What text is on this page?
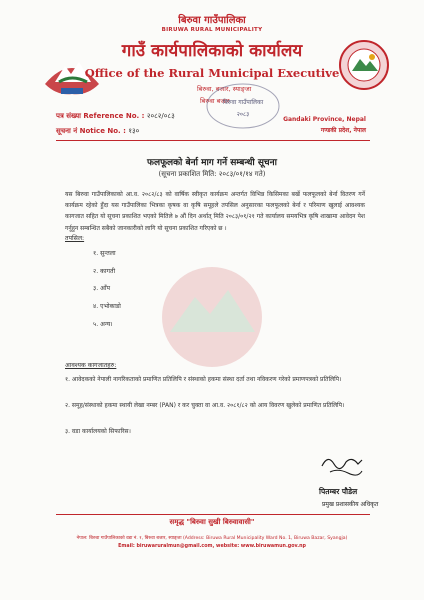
बिरुवा गाउँपालिका
BIRUWA RURAL MUNICIPALITY
गाउँ कार्यपालिकाको कार्यालय
Office of the Rural Municipal Executive
बिरुवा, बजार, स्याङ्जा
बिरुवा बजार
बिरुवा गाउँपालिका
२०८३
पत्र संख्या Reference No. : २०८२/०८३
सूचना नं Notice No. : १३०
Gandaki Province, Nepal
गण्डकी प्रदेश, नेपाल
फलफूलको बेर्ना माग गर्ने सम्बन्धी सूचना
(सूचना प्रकाशित मिति: २०८३/०१/१४ गते)
यस बिरुवा गाउँपालिकाको आ.व. २०८२/८३ को वार्षिक स्वीकृत कार्यक्रम अन्तर्गत विभिन्न किसिमका बर्खे फलफूलको बेर्ना वितरण गर्ने कार्यक्रम रहेको हुँदा यस गाउँपालिका भित्रका कृषक वा कृषि समूहले तपसिल अनुसारका फलफूलको बेर्ना र परिमाण खुलाई आवश्यक कागजात सहित यो सूचना प्रकाशित भएको मितिले ७ औं दिन अर्थात् मिति २०८३/०१/२१ गते कार्यालय समयभित्र कृषि शाखामा आवेदन पेश गर्नुहुन सम्बन्धित सबैको जानकारीको लागि यो सूचना प्रकाशित गरिएको छ ।
तपसिल:
१. सुन्तला
२. कागती
३. आँप
४. एभोकाडो
५. अन्य।
आवश्यक कागजातहरु:
१. आवेदकको नेपाली नागरिकताको प्रमाणित प्रतिलिपि र संस्थाको हकमा संस्था दर्ता तथा नविकरण गरेको प्रमाणपत्रको प्रतिलिपि।
२. समूह/संस्थाको हकमा स्थायी लेखा नम्बर (PAN) र कर चुक्ता वा आ.व. २०८१/८२ को आय विवरण खुलेको प्रमाणित प्रतिलिपि।
३. वडा कार्यालयको सिफारिस।
पितम्बर पौडेल
प्रमुख प्रशासकीय अधिकृत
समृद्ध "बिरुवा सुखी बिरुवावासी"
नेपाल: बिरुवा गाउँपालिकाको वडा नं. १, बिरुवा बजार, स्याङ्जा (Address: Biruwa Rural Municipality Ward No. 1, Biruwa Bazar, Syangja)
Email: biruwaruralmun@gmail.com, website: www.biruwamun.gov.np
